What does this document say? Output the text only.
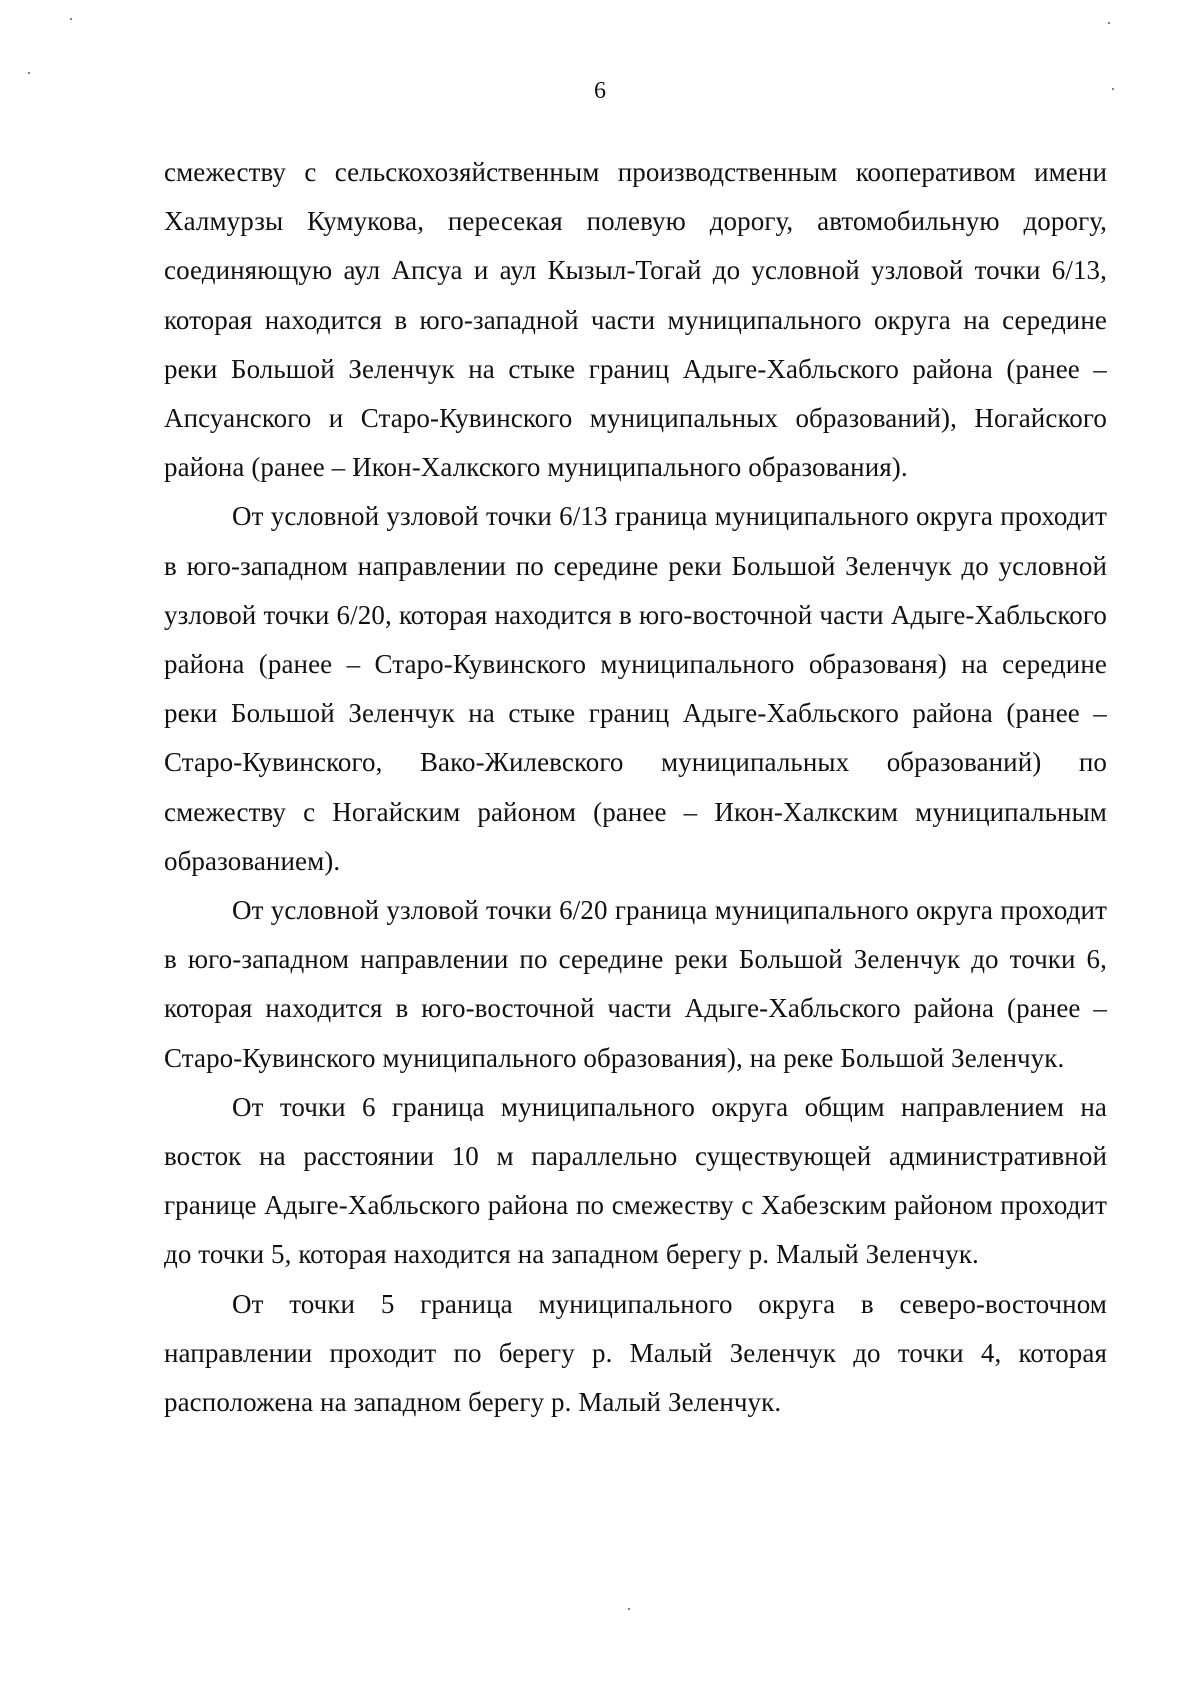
6

смежеству с сельскохозяйственным производственным кооперативом имени Халмурзы Кумукова, пересекая полевую дорогу, автомобильную дорогу, соединяющую аул Апсуа и аул Кызыл-Тогай до условной узловой точки 6/13, которая находится в юго-западной части муниципального округа на середине реки Большой Зеленчук на стыке границ Адыге-Хабльского района (ранее – Апсуанского и Старо-Кувинского муниципальных образований), Ногайского района (ранее – Икон-Халкского муниципального образования).

От условной узловой точки 6/13 граница муниципального округа проходит в юго-западном направлении по середине реки Большой Зеленчук до условной узловой точки 6/20, которая находится в юго-восточной части Адыге-Хабльского района (ранее – Старо-Кувинского муниципального образованя) на середине реки Большой Зеленчук на стыке границ Адыге-Хабльского района (ранее – Старо-Кувинского, Вако-Жилевского муниципальных образований) по смежеству с Ногайским районом (ранее – Икон-Халкским муниципальным образованием).

От условной узловой точки 6/20 граница муниципального округа проходит в юго-западном направлении по середине реки Большой Зеленчук до точки 6, которая находится в юго-восточной части Адыге-Хабльского района (ранее – Старо-Кувинского муниципального образования), на реке Большой Зеленчук.

От точки 6 граница муниципального округа общим направлением на восток на расстоянии 10 м параллельно существующей административной границе Адыге-Хабльского района по смежеству с Хабезским районом проходит до точки 5, которая находится на западном берегу р. Малый Зеленчук.

От точки 5 граница муниципального округа в северо-восточном направлении проходит по берегу р. Малый Зеленчук до точки 4, которая расположена на западном берегу р. Малый Зеленчук.
